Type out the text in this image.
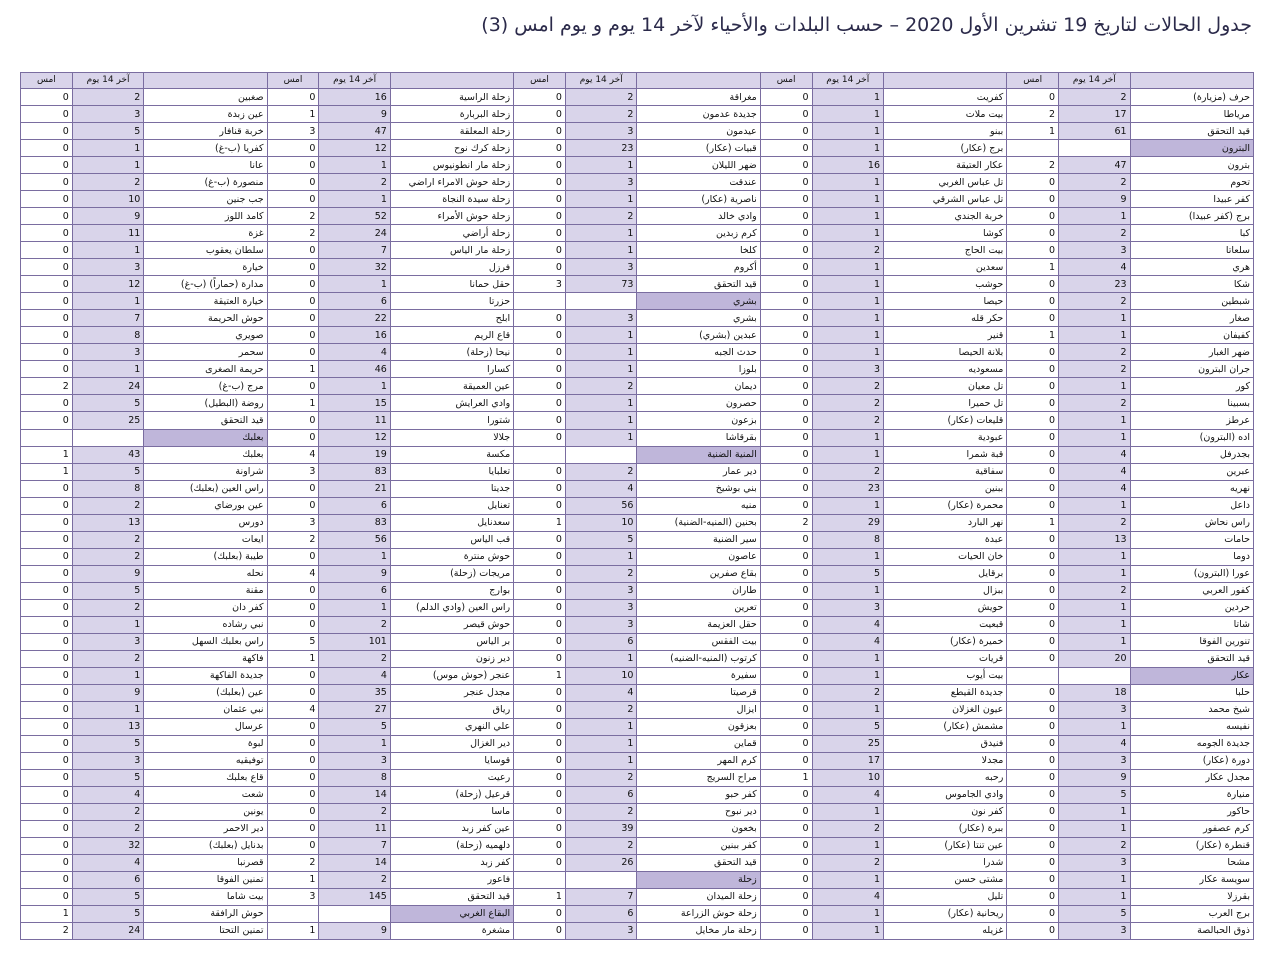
جدول الحالات لتاريخ 19 تشرين الأول 2020 – حسب البلدات والأحياء لآخر 14 يوم و يوم امس (3)
امس	آخر 14 يوم		امس	آخر 14 يوم		امس	آخر 14 يوم		امس	آخر 14 يوم		امس	آخر 14 يوم	
0	2	صغبين	0	16	زحلة الراسية	0	2	مغراقة	0	1	كفريت	0	2	حرف (مزيارة)
0	3	عين زبدة	1	9	زحلة البربارة	0	2	جديدة عدمون	0	1	بيت ملات	2	17	مرياطا
0	5	خربة قنافار	3	47	زحلة المعلقة	0	3	عيدمون	0	1	ببنو	1	61	قيد التحقق
0	1	كفريا (ب-غ)	0	12	زحلة كرك نوح	0	23	قبيات (عكار)	0	1	برج (عكار)			البترون
0	1	عانا	0	1	زحلة مار انطونيوس	0	1	ضهر الليلان	0	16	عكار العتيقة	2	47	بترون
0	2	منصورة (ب-غ)	0	2	زحلة حوش الامراء اراضي	0	3	عندقت	0	1	تل عباس الغربي	0	2	تحوم
0	10	جب جنين	0	1	زحلة سيدة النجاة	0	1	ناصرية (عكار)	0	1	تل عباس الشرقي	0	9	كفر عبيدا
0	9	كامد اللوز	2	52	زحلة حوش الأمراء	0	2	وادي خالد	0	1	خربة الجندي	0	1	برج (كفر عبيدا)
0	11	غزة	2	24	زحلة أراضي	0	1	كرم زبدين	0	1	كوشا	0	2	كبا
0	1	سلطان يعقوب	0	7	زحلة مار الياس	0	1	كلخا	0	2	بيت الحاج	0	3	سلعاتا
0	3	خيارة	0	32	فرزل	0	3	أكروم	0	1	سعدين	1	4	هري
0	12	مدارة (حماراً) (ب-غ)	0	1	حقل حمانا	3	73	قيد التحقق	0	1	حوشب	0	23	شكا
0	1	خيارة العتيقة	0	6	حزرتا			بشري	0	1	حيصا	0	2	شبطين
0	7	حوش الحريمة	0	22	ابلح	0	3	بشري	0	1	حكر قله	0	1	صغار
0	8	صويري	0	16	قاع الريم	0	1	عبدين (بشري)	0	1	قنير	1	1	كفيفان
0	3	سحمر	0	4	نيحا (زحلة)	0	1	حدث الجبه	0	1	بلانة الحيصا	0	2	ضهر الغبار
0	1	حريمة الصغرى	1	46	كسارا	0	1	بلوزا	0	3	مسعوديه	0	2	جران البترون
2	24	مرج (ب-غ)	0	1	عين العميقة	0	2	ديمان	0	2	تل معيان	0	1	كور
0	5	روضة (البطيل)	1	15	وادي العرايش	0	1	حصرون	0	2	تل حميرا	0	2	بسبينا
0	25	قيد التحقق	0	11	شتورا	0	1	بزعون	0	2	قليعات (عكار)	0	1	عرطز
		بعلبك	0	12	جلالا	0	1	بقرقاشا	0	1	عبودية	0	1	اده (البترون)
1	43	بعلبك	4	19	مكسة			المنية الضنية	0	1	قبة شمرا	0	4	بجدرفل
1	5	شراونة	3	83	تعلبايا	0	2	دير عمار	0	2	سفاقية	0	4	عبرين
0	8	راس العين (بعلبك)	0	21	جديتا	0	4	بني بوشيخ	0	23	ببنين	0	4	نهريه
0	2	عين بورضاي	0	6	تعنايل	0	56	منيه	0	1	محمرة (عكار)	0	1	داعل
0	13	دورس	3	83	سعدنايل	1	10	بحنين (المنيه-الضنية)	2	29	نهر البارد	1	2	راس نحاش
0	2	ايعات	2	56	قب الياس	0	5	سير الضنية	0	8	عبدة	0	13	حامات
0	2	طيبة (بعلبك)	0	1	حوش منترة	0	1	عاصون	0	1	خان الحيات	0	1	دوما
0	9	نحله	4	9	مريجات (زحلة)	0	2	بقاع صفرين	0	5	برقايل	0	1	عورا (البترون)
0	5	مقنة	0	6	بوارج	0	3	طاران	0	1	ببزال	0	2	كفور العربي
0	2	كفر دان	0	1	راس العين (وادي الدلم)	0	3	تعرين	0	3	حويش	0	1	حردين
0	1	نبي رشاده	0	2	حوش قيصر	0	3	حقل العزيمة	0	4	قبعيت	0	1	شاتا
0	3	راس بعلبك السهل	5	101	بر الياس	0	6	بيت الفقس	0	4	خميرة (عكار)	0	1	تنورين الفوقا
0	2	فاكهة	1	2	دير زنون	0	1	كرتوب (المنيه-الضنيه)	0	1	قريات	0	20	قيد التحقق
0	1	جديدة الفاكهة	0	4	عنجر (حوش موس)	1	10	سفيرة	0	1	بيت أيوب			عكار
0	9	عين (بعلبك)	0	35	مجدل عنجر	0	4	قرصيتا	0	2	جديدة القيطع	0	18	حلبا
0	1	نبي عثمان	4	27	رياق	0	2	ايزال	0	1	عيون الغزلان	0	3	شيخ محمد
0	13	عرسال	0	5	علي النهري	0	1	بعزقون	0	5	مشمش (عكار)	0	1	نفيسه
0	5	لبوة	0	1	دير الغزال	0	1	قماين	0	25	فنيدق	0	4	جديدة الجومه
0	3	توفيقيه	0	3	قوسايا	0	1	كرم المهر	0	17	مجدلا	0	3	دورة (عكار)
0	5	قاع بعلبك	0	8	رعيت	0	2	مراح السريج	1	10	رحبه	0	9	مجدل عكار
0	4	شعت	0	14	قرعيل (زحلة)	0	6	كفر حبو	0	4	وادي الجاموس	0	5	منيارة
0	2	يونين	0	2	ماسا	0	2	دير نبوح	0	1	كفر نون	0	1	حاكور
0	2	دير الاحمر	0	11	عين كفر زبد	0	39	بخعون	0	2	ببرة (عكار)	0	1	كرم عصفور
0	32	بدنايل (بعلبك)	0	7	دلهميه (زحلة)	0	2	كفر ببنين	0	1	عين تنتا (عكار)	0	2	قنطرة (عكار)
0	4	قصرنبا	2	14	كفر زبد	0	26	قيد التحقق	0	2	شدرا	0	3	مشحا
0	6	تمنين الفوقا	1	2	فاعور			زحلة	0	1	مشتى حسن	0	1	سويسة عكار
0	5	بيت شاما	3	145	قيد التحقق	1	7	زحلة الميدان	0	4	تليل	0	1	بقرزلا
1	5	حوش الرافقة			البقاع الغربي	0	6	زحلة حوش الزراعة	0	1	ريحانية (عكار)	0	5	برج العرب
2	24	تمنين التحتا	1	9	مشغرة	0	3	زحلة مار مخايل	0	1	غزيله	0	3	ذوق الحبالصة
